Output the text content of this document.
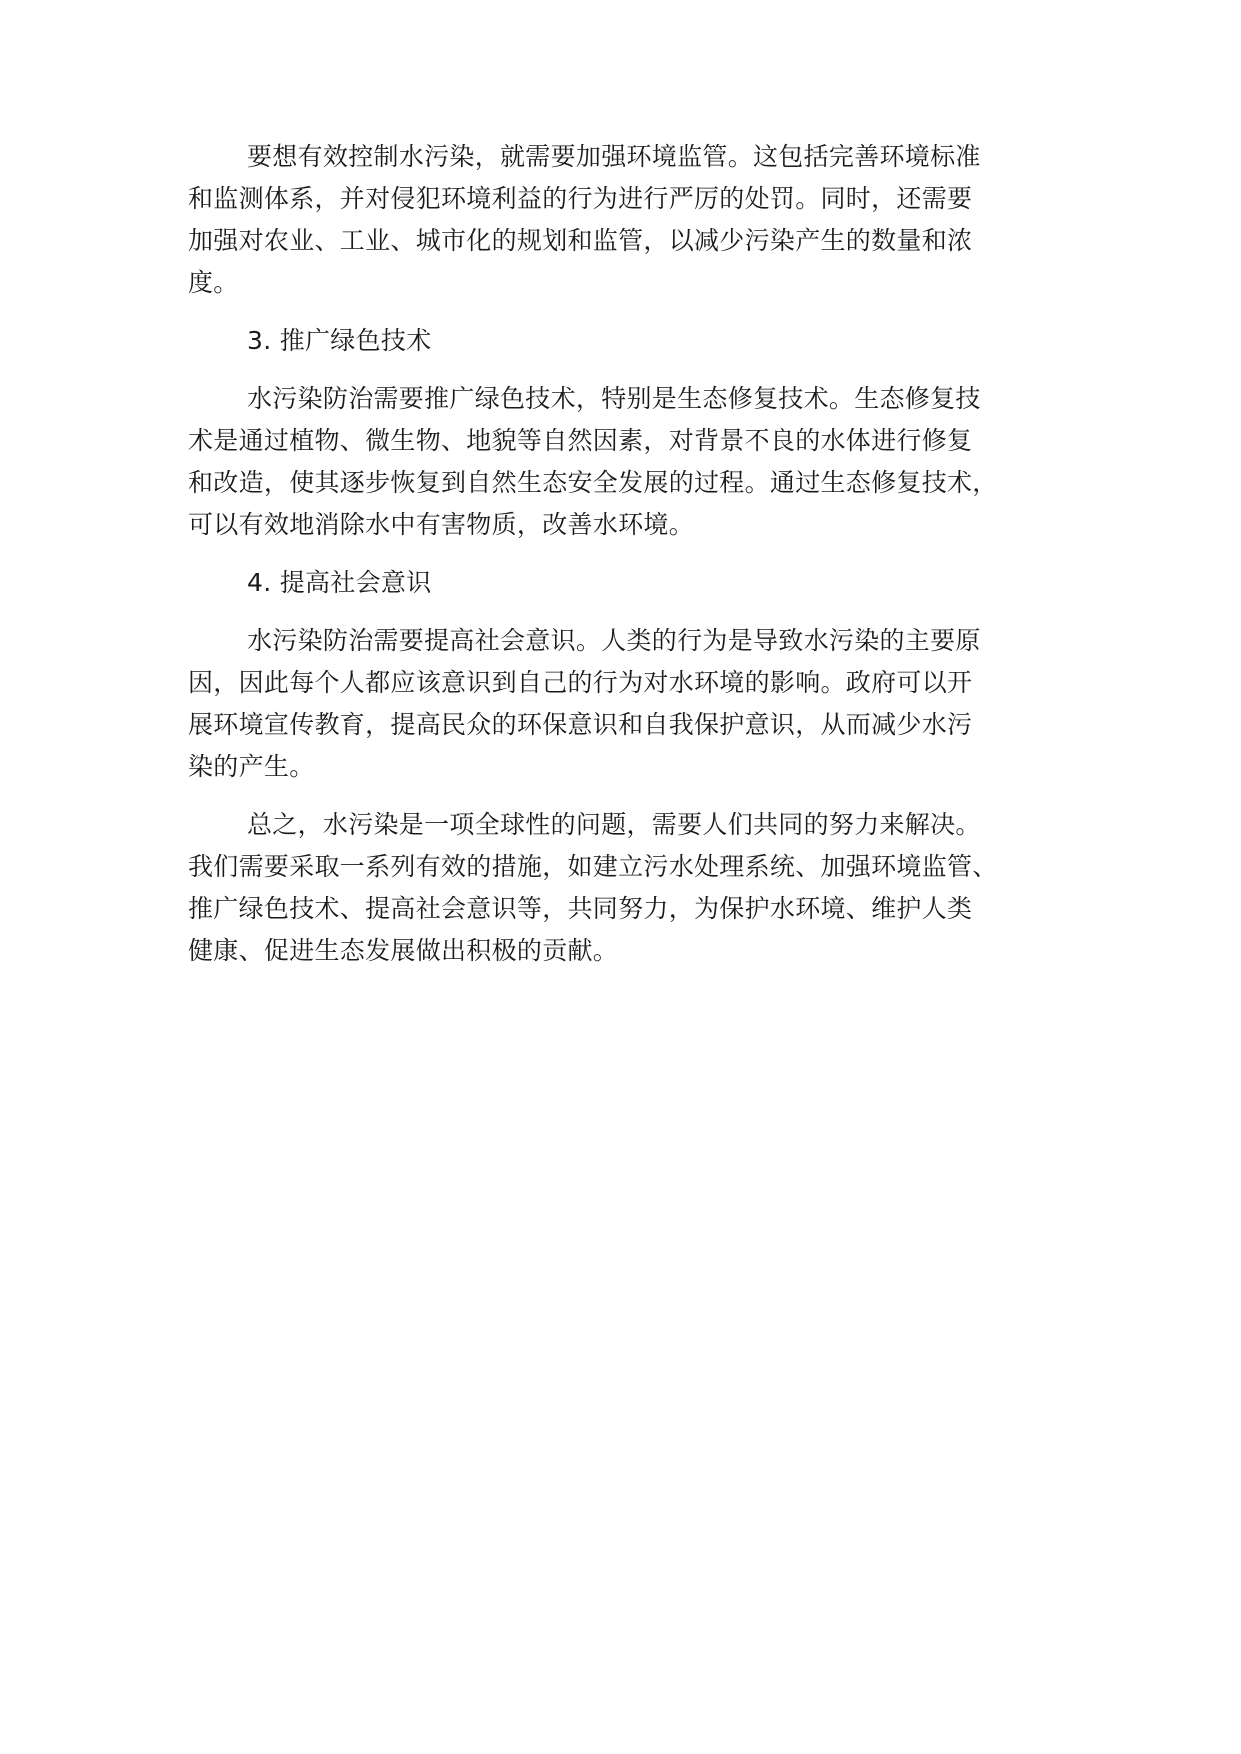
要想有效控制水污染，就需要加强环境监管。这包括完善环境标准

和监测体系，并对侵犯环境利益的行为进行严厉的处罚。同时，还需要

加强对农业、工业、城市化的规划和监管，以减少污染产生的数量和浓

度。

3. 推广绿色技术

水污染防治需要推广绿色技术，特别是生态修复技术。生态修复技

术是通过植物、微生物、地貌等自然因素，对背景不良的水体进行修复

和改造，使其逐步恢复到自然生态安全发展的过程。通过生态修复技术，

可以有效地消除水中有害物质，改善水环境。

4. 提高社会意识

水污染防治需要提高社会意识。人类的行为是导致水污染的主要原

因，因此每个人都应该意识到自己的行为对水环境的影响。政府可以开

展环境宣传教育，提高民众的环保意识和自我保护意识，从而减少水污

染的产生。

总之，水污染是一项全球性的问题，需要人们共同的努力来解决。

我们需要采取一系列有效的措施，如建立污水处理系统、加强环境监管、

推广绿色技术、提高社会意识等，共同努力，为保护水环境、维护人类

健康、促进生态发展做出积极的贡献。
